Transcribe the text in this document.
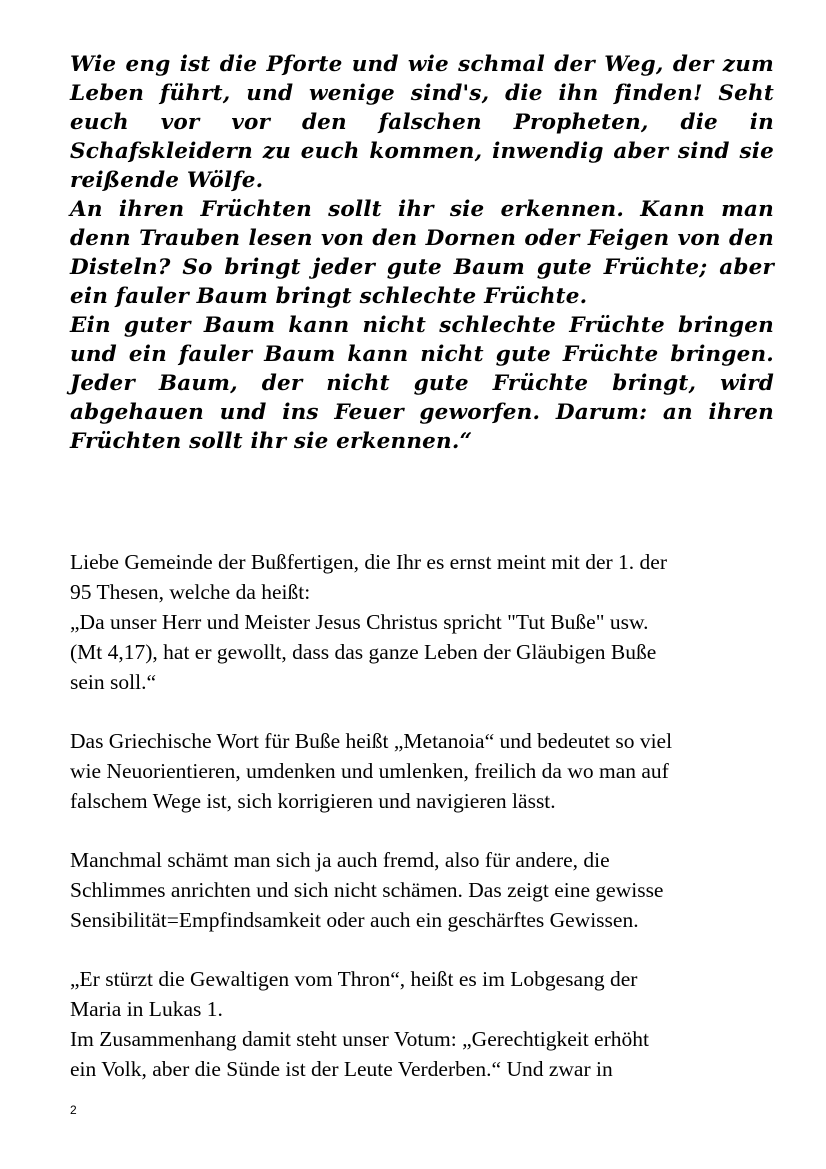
Wie eng ist die Pforte und wie schmal der Weg, der zum Leben führt, und wenige sind's, die ihn finden! Seht euch vor vor den falschen Propheten, die in Schafskleidern zu euch kommen, inwendig aber sind sie reißende Wölfe.

An ihren Früchten sollt ihr sie erkennen. Kann man denn Trauben lesen von den Dornen oder Feigen von den Disteln? So bringt jeder gute Baum gute Früchte; aber ein fauler Baum bringt schlechte Früchte.

Ein guter Baum kann nicht schlechte Früchte bringen und ein fauler Baum kann nicht gute Früchte bringen. Jeder Baum, der nicht gute Früchte bringt, wird abgehauen und ins Feuer geworfen. Darum: an ihren Früchten sollt ihr sie erkennen.“

Liebe Gemeinde der Bußfertigen, die Ihr es ernst meint mit der 1. der

95 Thesen, welche da heißt:

„Da unser Herr und Meister Jesus Christus spricht "Tut Buße" usw.

(Mt 4,17), hat er gewollt, dass das ganze Leben der Gläubigen Buße

sein soll.“

Das Griechische Wort für Buße heißt „Metanoia“ und bedeutet so viel

wie Neuorientieren, umdenken und umlenken, freilich da wo man auf

falschem Wege ist, sich korrigieren und navigieren lässt.

Manchmal schämt man sich ja auch fremd, also für andere, die

Schlimmes anrichten und sich nicht schämen. Das zeigt eine gewisse

Sensibilität=Empfindsamkeit oder auch ein geschärftes Gewissen.

„Er stürzt die Gewaltigen vom Thron“, heißt es im Lobgesang der

Maria in Lukas 1.

Im Zusammenhang damit steht unser Votum: „Gerechtigkeit erhöht

ein Volk, aber die Sünde ist der Leute Verderben.“ Und zwar in

2
